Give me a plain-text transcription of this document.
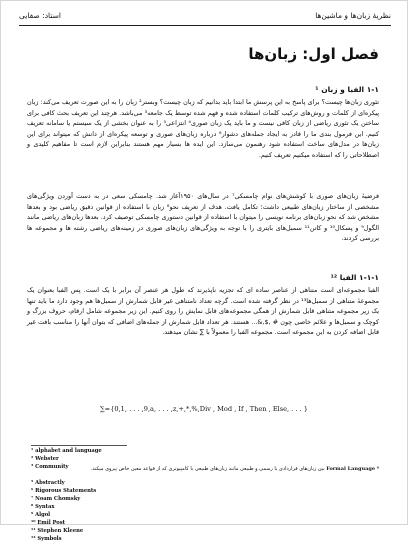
نظریهٔ زبان‌ها و ماشین‌ها
استاد: صفایی
فصل اول: زبان‌ها
۱-۱ الفبا و زبان ¹

تئوری زبان‌ها چیست؟ برای پاسخ به این پرسش ما ابتدا باید بدانیم که زبان چیست؟ وبستر² زبان را به این صورت تعریف می‌کند: زبان پیکره‌ای از کلمات و روش‌های ترکیب کلمات استفاده شده و فهم شده توسط یک جامعه³ می‌باشد. هرچند این تعریف بحث کافی برای ساختن یک تئوری ریاضی از زبان کافی نیست و ما باید یک زبان صوری⁴ انتزاعی⁵ را به عنوان بخشی از یک سیستم یا سامانه تعریف کنیم. این فرمول بندی ما را قادر به ایجاد جمله‌های دشوار⁶ درباره زبان‌های صوری و توسعه پیکره‌ای از دانش که میتواند برای این زبان‌ها در مدل‌های ساخت استفاده شود رهنمون می‌سازد. این ایده ها بسیار مهم هستند بنابراین لازم است تا مفاهیم کلیدی و اصطلاحاتی را که استفاده میکنیم تعریف کنیم.

فرضیهٔ زبان‌های صوری با کوشش‌های نوام چامسکی⁷ در سال‌های ۱۹۵۰آغاز شد. چامسکی سعی در به دست آوردن ویژگی‌های مشخصی از ساختار زبان‌های طبیعی داشت؛ تکامل یافت. هدف از تعریف نحو⁸ زبان با استفاده از قوانین دقیق ریاضی بود و بعدها مشخص شد که نحو زبان‌های برنامه نویسی را میتوان با استفاده از قوانین دستوری چامسکی توصیف کرد. بعدها زبان‌های ریاضی مانند الگول⁹ و پسکال¹⁰ و کاتن¹¹ سمبل‌های بایتری را با توجه به ویژگی‌های زبان‌های صوری در زمینه‌های ریاضی رشته ها و مجموعه ها بررسی کردند.

۱-۱-۱ الفبا ¹²

الفبا مجموعه‌ای است متناهی از عناصر ساده ای که تجزیه ناپذیرند که طول هر عنصر آن برابر با یک است. پس الفبا بعنوان یک مجموعهٔ متناهی از سمبل‌ها¹³ در نظر گرفته شده است. گرچه تعداد نامتناهی غیر قابل شمارش از سمبل‌ها هم وجود دارد ما باید تنها یک زیر مجموعه متناهی قابل شمارش از همگی مجموعه‌های قابل نمایش را روی کنیم. این زیر مجموعه شامل ارقام، حروف بزرگ و کوچک و سمبل‌ها و علائم خاصی چون # ,$,&... هستند. هر تعداد قابل شمارش از جمله‌های اضافی که بتوان آنها را مناسب بافت غیر قابل اضافه کردن به این مجموعه است. مجموعه الفبا را معمولاً با ∑ نشان میدهند.

∑={0,1, . . . ,9,a, . . . ,z,+,*,%,Div , Mod , If , Then , Else, . . . }
¹ alphabet and language
² Webster
³ Community
⁵ Abstractly
⁶ Rigorous Statements
⁷ Noam Chomsky
⁸ Syntax
⁹ Algol
¹⁰ Emil Post
¹¹ Stephen Kleene
¹³ Symbols
⁴ Formal Language بین زبان‌های قراردادی یا رسمی و طبیعی مانند زبان‌های طبیعی با کامپیوتری که از قواعد معین خاص پیروی میکند.
